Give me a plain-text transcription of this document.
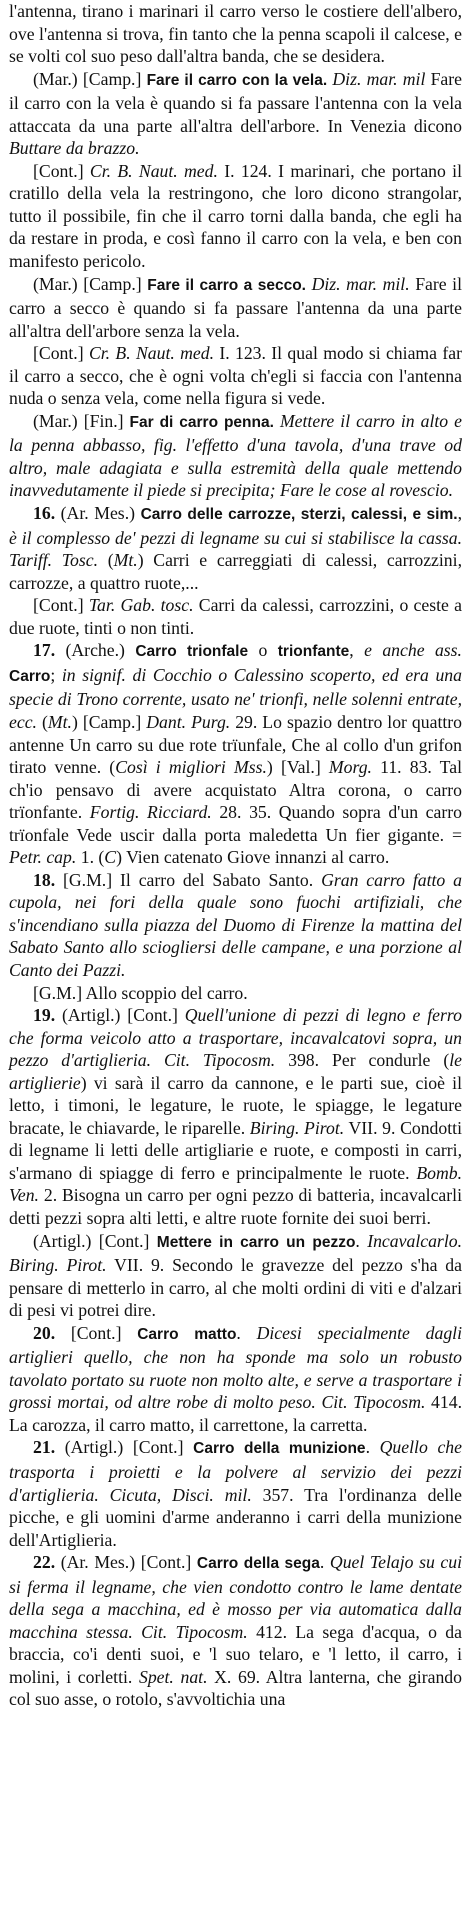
l'antenna, tirano i marinari il carro verso le costiere dell'albero, ove l'antenna si trova, fin tanto che la penna scapoli il calcese, e se volti col suo peso dall'altra banda, che se desidera.

(Mar.) [Camp.] Fare il carro con la vela. Diz. mar. mil Fare il carro con la vela è quando si fa passare l'antenna con la vela attaccata da una parte all'altra dell'arbore. In Venezia dicono Buttare da brazzo.

[Cont.] Cr. B. Naut. med. I. 124. I marinari, che portano il cratillo della vela la restringono, che loro dicono strangolar, tutto il possibile, fin che il carro torni dalla banda, che egli ha da restare in proda, e così fanno il carro con la vela, e ben con manifesto pericolo.

(Mar.) [Camp.] Fare il carro a secco. Diz. mar. mil. Fare il carro a secco è quando si fa passare l'antenna da una parte all'altra dell'arbore senza la vela.

[Cont.] Cr. B. Naut. med. I. 123. Il qual modo si chiama far il carro a secco, che è ogni volta ch'egli si faccia con l'antenna nuda o senza vela, come nella figura si vede.

(Mar.) [Fin.] Far di carro penna. Mettere il carro in alto e la penna abbasso, fig. l'effetto d'una tavola, d'una trave od altro, male adagiata e sulla estremità della quale mettendo inavvedutamente il piede si precipita; Fare le cose al rovescio.

16. (Ar. Mes.) Carro delle carrozze, sterzi, calessi, e sim., è il complesso de' pezzi di legname su cui si stabilisce la cassa. Tariff. Tosc. (Mt.) Carri e carreggiati di calessi, carrozzini, carrozze, a quattro ruote,...

[Cont.] Tar. Gab. tosc. Carri da calessi, carrozzini, o ceste a due ruote, tinti o non tinti.

17. (Arche.) Carro trionfale o trionfante, e anche ass. Carro; in signif. di Cocchio o Calessino scoperto, ed era una specie di Trono corrente, usato ne' trionfi, nelle solenni entrate, ecc. (Mt.) [Camp.] Dant. Purg. 29. Lo spazio dentro lor quattro antenne Un carro su due rote trïunfale, Che al collo d'un grifon tirato venne. (Così i migliori Mss.) [Val.] Morg. 11. 83. Tal ch'io pensavo di avere acquistato Altra corona, o carro trïonfante. Fortig. Ricciard. 28. 35. Quando sopra d'un carro trïonfale Vede uscir dalla porta maledetta Un fier gigante. = Petr. cap. 1. (C) Vien catenato Giove innanzi al carro.

18. [G.M.] Il carro del Sabato Santo. Gran carro fatto a cupola, nei fori della quale sono fuochi artifiziali, che s'incendiano sulla piazza del Duomo di Firenze la mattina del Sabato Santo allo sciogliersi delle campane, e una porzione al Canto dei Pazzi.

[G.M.] Allo scoppio del carro.

19. (Artigl.) [Cont.] Quell'unione di pezzi di legno e ferro che forma veicolo atto a trasportare, incavalcatovi sopra, un pezzo d'artiglieria. Cit. Tipocosm. 398. Per condurle (le artiglierie) vi sarà il carro da cannone, e le parti sue, cioè il letto, i timoni, le legature, le ruote, le spiagge, le legature bracate, le chiavarde, le riparelle. Biring. Pirot. VII. 9. Condotti di legname li letti delle artigliarie e ruote, e composti in carri, s'armano di spiagge di ferro e principalmente le ruote. Bomb. Ven. 2. Bisogna un carro per ogni pezzo di batteria, incavalcarli detti pezzi sopra alti letti, e altre ruote fornite dei suoi berri.

(Artigl.) [Cont.] Mettere in carro un pezzo. Incavalcarlo. Biring. Pirot. VII. 9. Secondo le gravezze del pezzo s'ha da pensare di metterlo in carro, al che molti ordini di viti e d'alzari di pesi vi potrei dire.

20. [Cont.] Carro matto. Dicesi specialmente dagli artiglieri quello, che non ha sponde ma solo un robusto tavolato portato su ruote non molto alte, e serve a trasportare i grossi mortai, od altre robe di molto peso. Cit. Tipocosm. 414. La carozza, il carro matto, il carrettone, la carretta.

21. (Artigl.) [Cont.] Carro della munizione. Quello che trasporta i proietti e la polvere al servizio dei pezzi d'artiglieria. Cicuta, Disci. mil. 357. Tra l'ordinanza delle picche, e gli uomini d'arme anderanno i carri della munizione dell'Artiglieria.

22. (Ar. Mes.) [Cont.] Carro della sega. Quel Telajo su cui si ferma il legname, che vien condotto contro le lame dentate della sega a macchina, ed è mosso per via automatica dalla macchina stessa. Cit. Tipocosm. 412. La sega d'acqua, o da braccia, co'i denti suoi, e 'l suo telaro, e 'l letto, il carro, i molini, i corletti. Spet. nat. X. 69. Altra lanterna, che girando col suo asse, o rotolo, s'avvoltichia una
